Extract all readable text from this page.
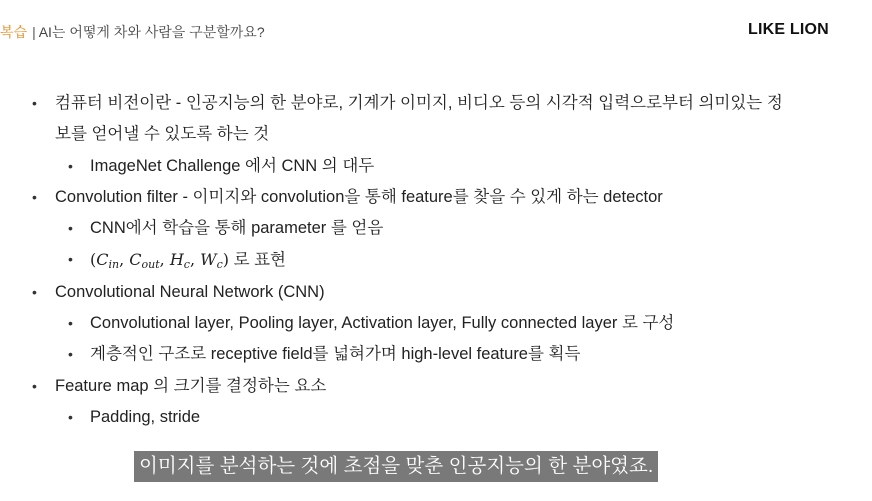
복습 | AI는 어떻게 차와 사람을 구분할까요?	LIKE LION
• 컴퓨터 비전이란 - 인공지능의 한 분야로, 기계가 이미지, 비디오 등의 시각적 입력으로부터 의미있는 정보를 얻어낼 수 있도록 하는 것
• ImageNet Challenge 에서 CNN 의 대두
• Convolution filter - 이미지와 convolution을 통해 feature를 찾을 수 있게 하는 detector
• CNN에서 학습을 통해 parameter 를 얻음
• ($C_{in}$, $C_{out}$, $H_c$, $W_c$) 로 표현
• Convolutional Neural Network (CNN)
• Convolutional layer, Pooling layer, Activation layer, Fully connected layer 로 구성
• 계층적인 구조로 receptive field를 넓혀가며 high-level feature를 획득
• Feature map 의 크기를 결정하는 요소
• Padding, stride
이미지를 분석하는 것에 초점을 맞춘 인공지능의 한 분야였죠.
